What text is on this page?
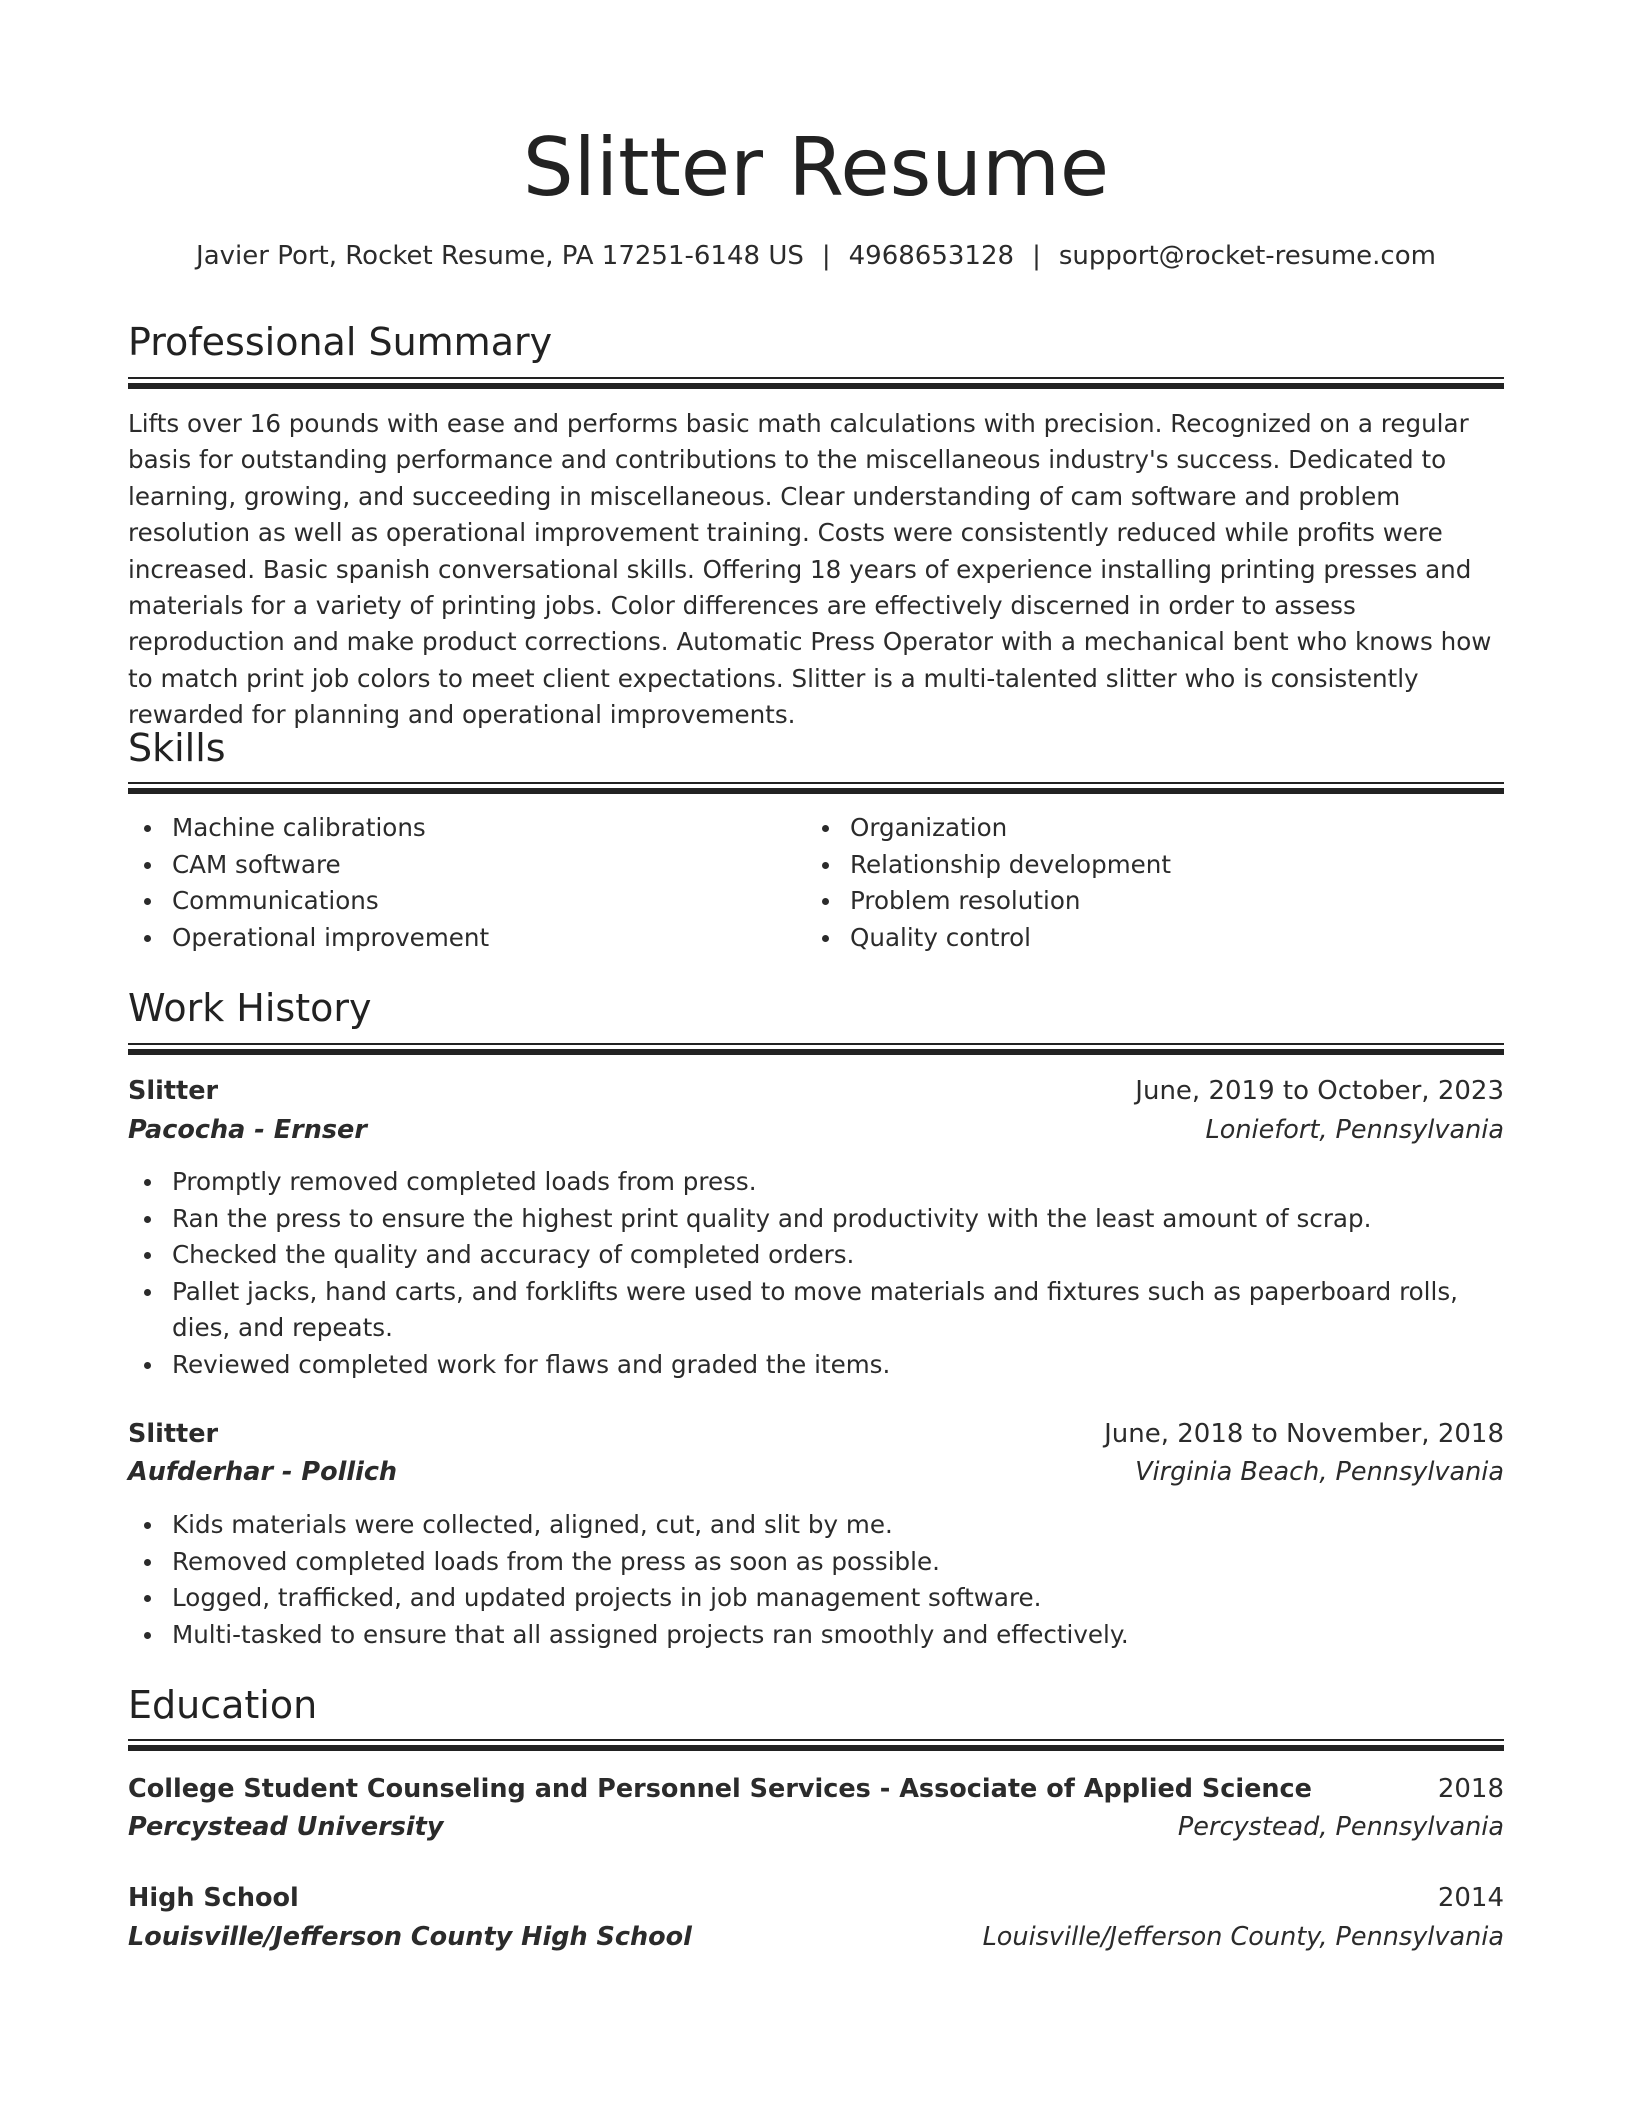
Slitter Resume
Javier Port, Rocket Resume, PA 17251-6148 US | 4968653128 | support@rocket-resume.com
Professional Summary
Lifts over 16 pounds with ease and performs basic math calculations with precision. Recognized on a regular basis for outstanding performance and contributions to the miscellaneous industry's success. Dedicated to learning, growing, and succeeding in miscellaneous. Clear understanding of cam software and problem resolution as well as operational improvement training. Costs were consistently reduced while profits were increased. Basic spanish conversational skills. Offering 18 years of experience installing printing presses and materials for a variety of printing jobs. Color differences are effectively discerned in order to assess reproduction and make product corrections. Automatic Press Operator with a mechanical bent who knows how to match print job colors to meet client expectations. Slitter is a multi-talented slitter who is consistently rewarded for planning and operational improvements.
Skills
Machine calibrations
CAM software
Communications
Operational improvement
Organization
Relationship development
Problem resolution
Quality control
Work History
Slitter	June, 2019 to October, 2023
Pacocha - Ernser	Loniefort, Pennsylvania
Promptly removed completed loads from press.
Ran the press to ensure the highest print quality and productivity with the least amount of scrap.
Checked the quality and accuracy of completed orders.
Pallet jacks, hand carts, and forklifts were used to move materials and fixtures such as paperboard rolls, dies, and repeats.
Reviewed completed work for flaws and graded the items.
Slitter	June, 2018 to November, 2018
Aufderhar - Pollich	Virginia Beach, Pennsylvania
Kids materials were collected, aligned, cut, and slit by me.
Removed completed loads from the press as soon as possible.
Logged, trafficked, and updated projects in job management software.
Multi-tasked to ensure that all assigned projects ran smoothly and effectively.
Education
College Student Counseling and Personnel Services - Associate of Applied Science	2018
Percystead University	Percystead, Pennsylvania
High School	2014
Louisville/Jefferson County High School	Louisville/Jefferson County, Pennsylvania
